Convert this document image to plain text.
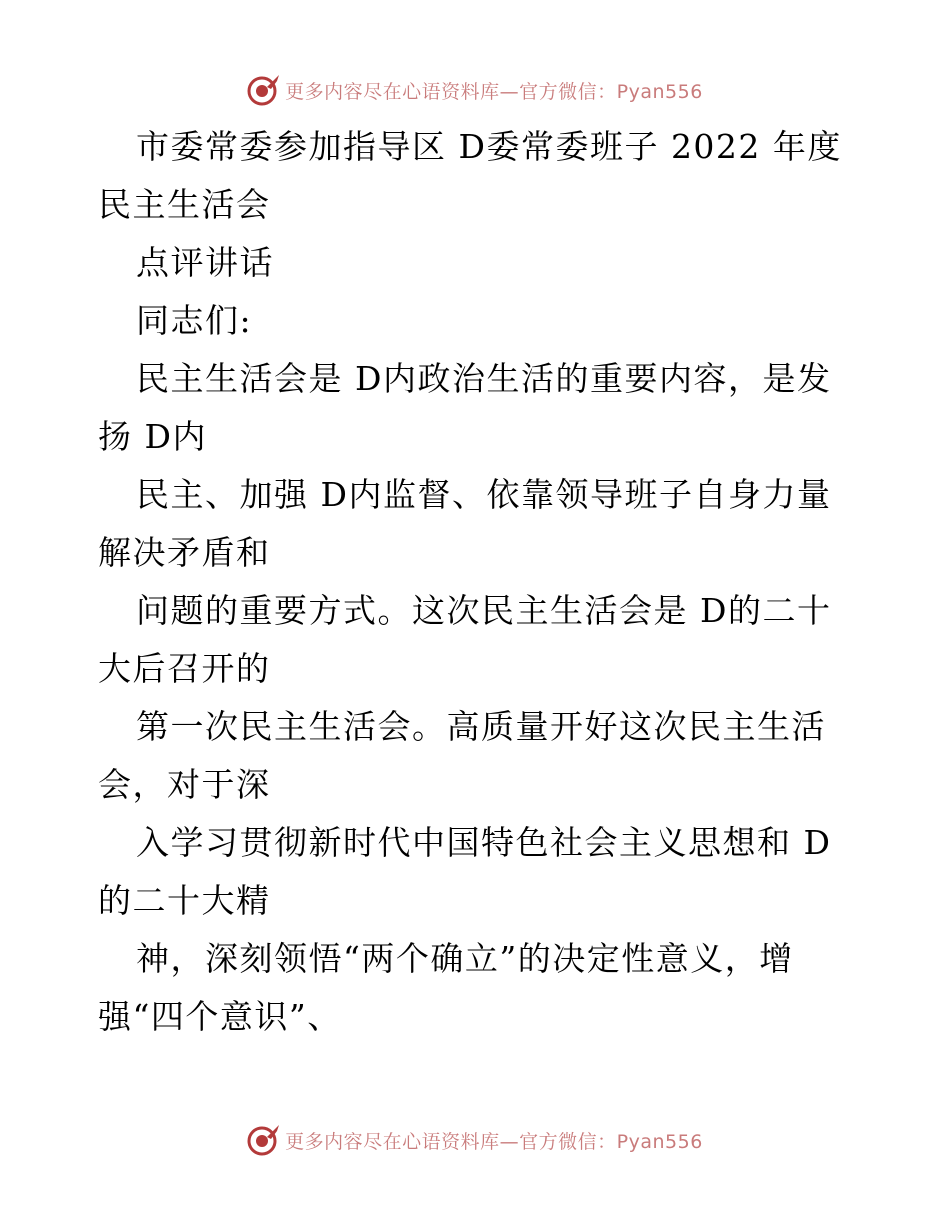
更多内容尽在心语资料库—官方微信：Pyan556
市委常委参加指导区 D委常委班子 2022 年度
民主生活会
点评讲话
同志们:
民主生活会是 D内政治生活的重要内容，是发
扬 D内
民主、加强 D内监督、依靠领导班子自身力量
解决矛盾和
问题的重要方式。这次民主生活会是 D的二十
大后召开的
第一次民主生活会。高质量开好这次民主生活
会，对于深
入学习贯彻新时代中国特色社会主义思想和 D
的二十大精
神，深刻领悟“两个确立”的决定性意义，增
强“四个意识”、
更多内容尽在心语资料库—官方微信：Pyan556
